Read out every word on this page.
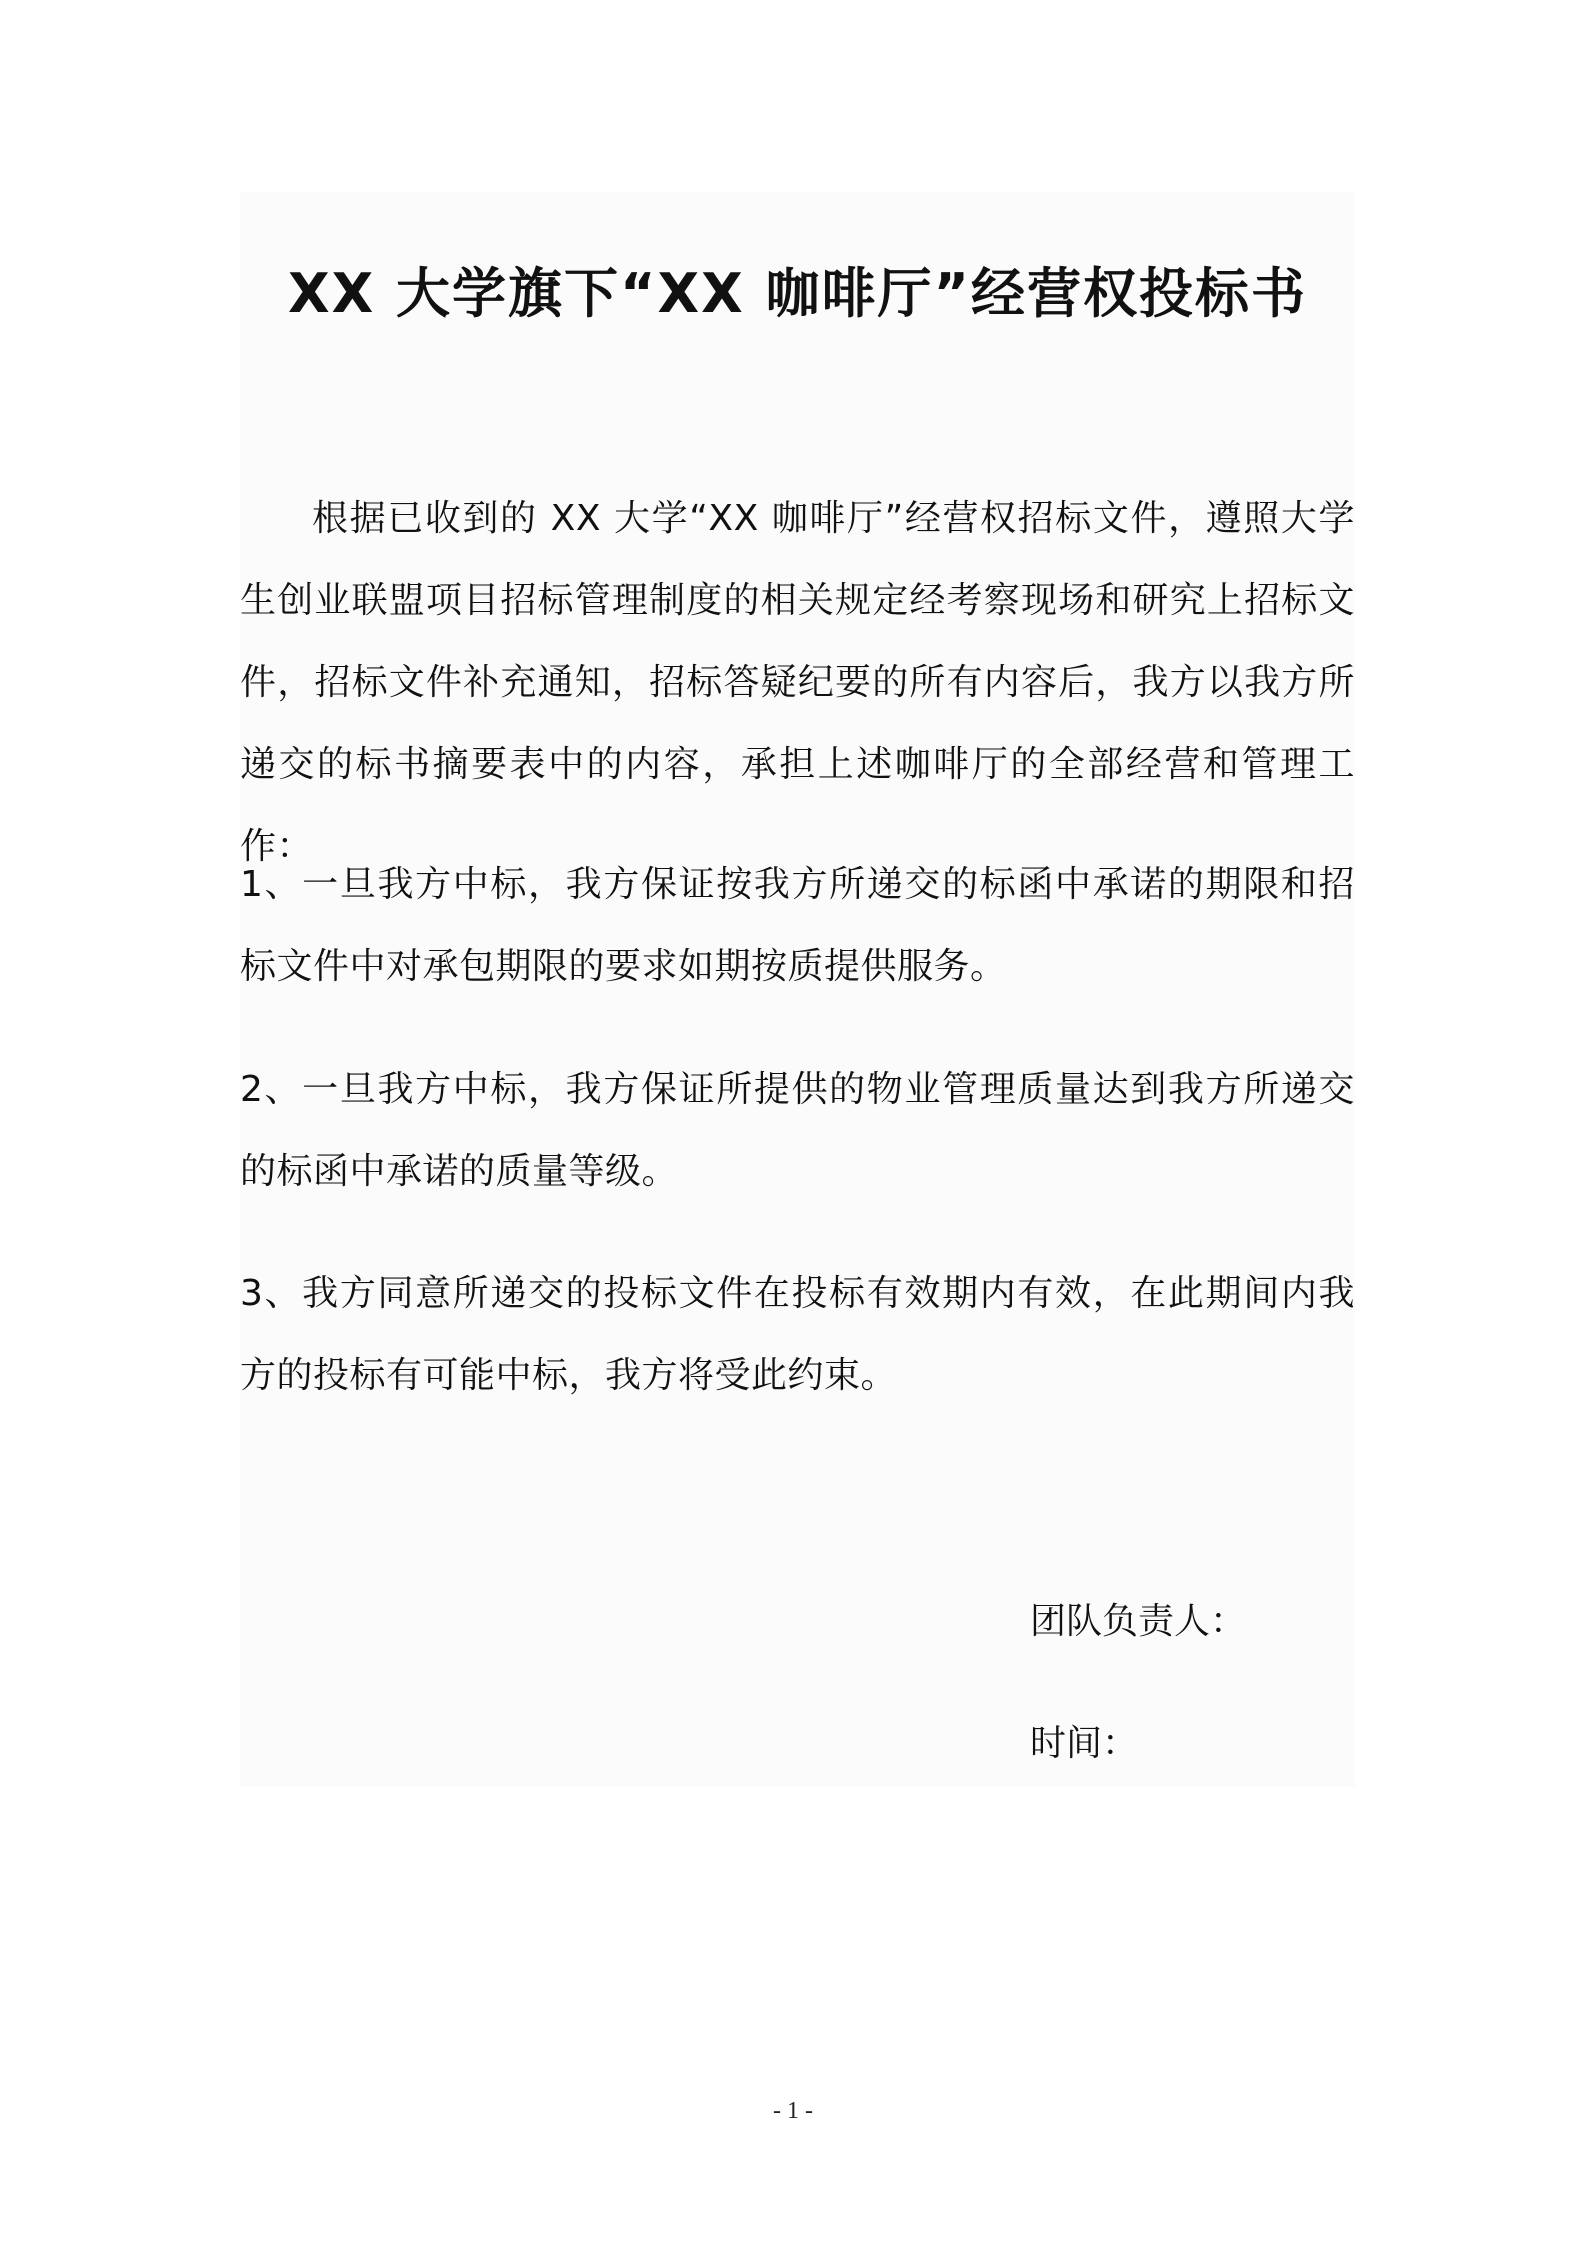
XX 大学旗下“XX 咖啡厅”经营权投标书

根据已收到的 XX 大学“XX 咖啡厅”经营权招标文件，遵照大学生创业联盟项目招标管理制度的相关规定经考察现场和研究上招标文件，招标文件补充通知，招标答疑纪要的所有内容后，我方以我方所递交的标书摘要表中的内容，承担上述咖啡厅的全部经营和管理工作：

1、一旦我方中标，我方保证按我方所递交的标函中承诺的期限和招标文件中对承包期限的要求如期按质提供服务。

2、一旦我方中标，我方保证所提供的物业管理质量达到我方所递交的标函中承诺的质量等级。

3、我方同意所递交的投标文件在投标有效期内有效，在此期间内我方的投标有可能中标，我方将受此约束。

团队负责人：
时间：
- 1 -
